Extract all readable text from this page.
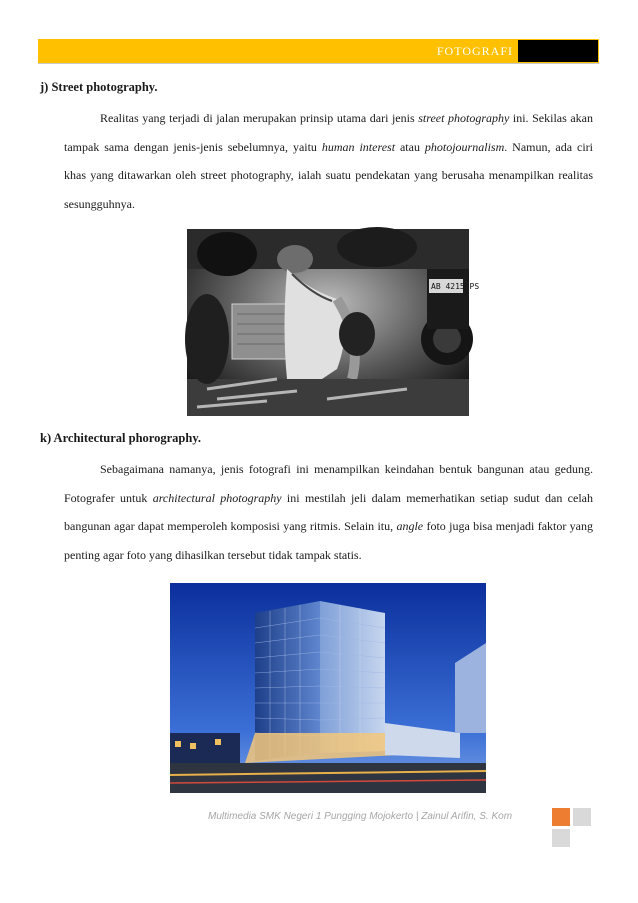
FOTOGRAFI
j) Street photography.
Realitas yang terjadi di jalan merupakan prinsip utama dari jenis street photography ini. Sekilas akan tampak sama dengan jenis-jenis sebelumnya, yaitu human interest atau photojournalism. Namun, ada ciri khas yang ditawarkan oleh street photography, ialah suatu pendekatan yang berusaha menampilkan realitas sesungguhnya.
AB 4215 PS
k) Architectural phorography.
Sebagaimana namanya, jenis fotografi ini menampilkan keindahan bentuk bangunan atau gedung. Fotografer untuk architectural photography ini mestilah jeli dalam memerhatikan setiap sudut dan celah bangunan agar dapat memperoleh komposisi yang ritmis. Selain itu, angle foto juga bisa menjadi faktor yang penting agar foto yang dihasilkan tersebut tidak tampak statis.
Multimedia SMK Negeri 1 Pungging Mojokerto | Zainul Arifin, S. Kom
